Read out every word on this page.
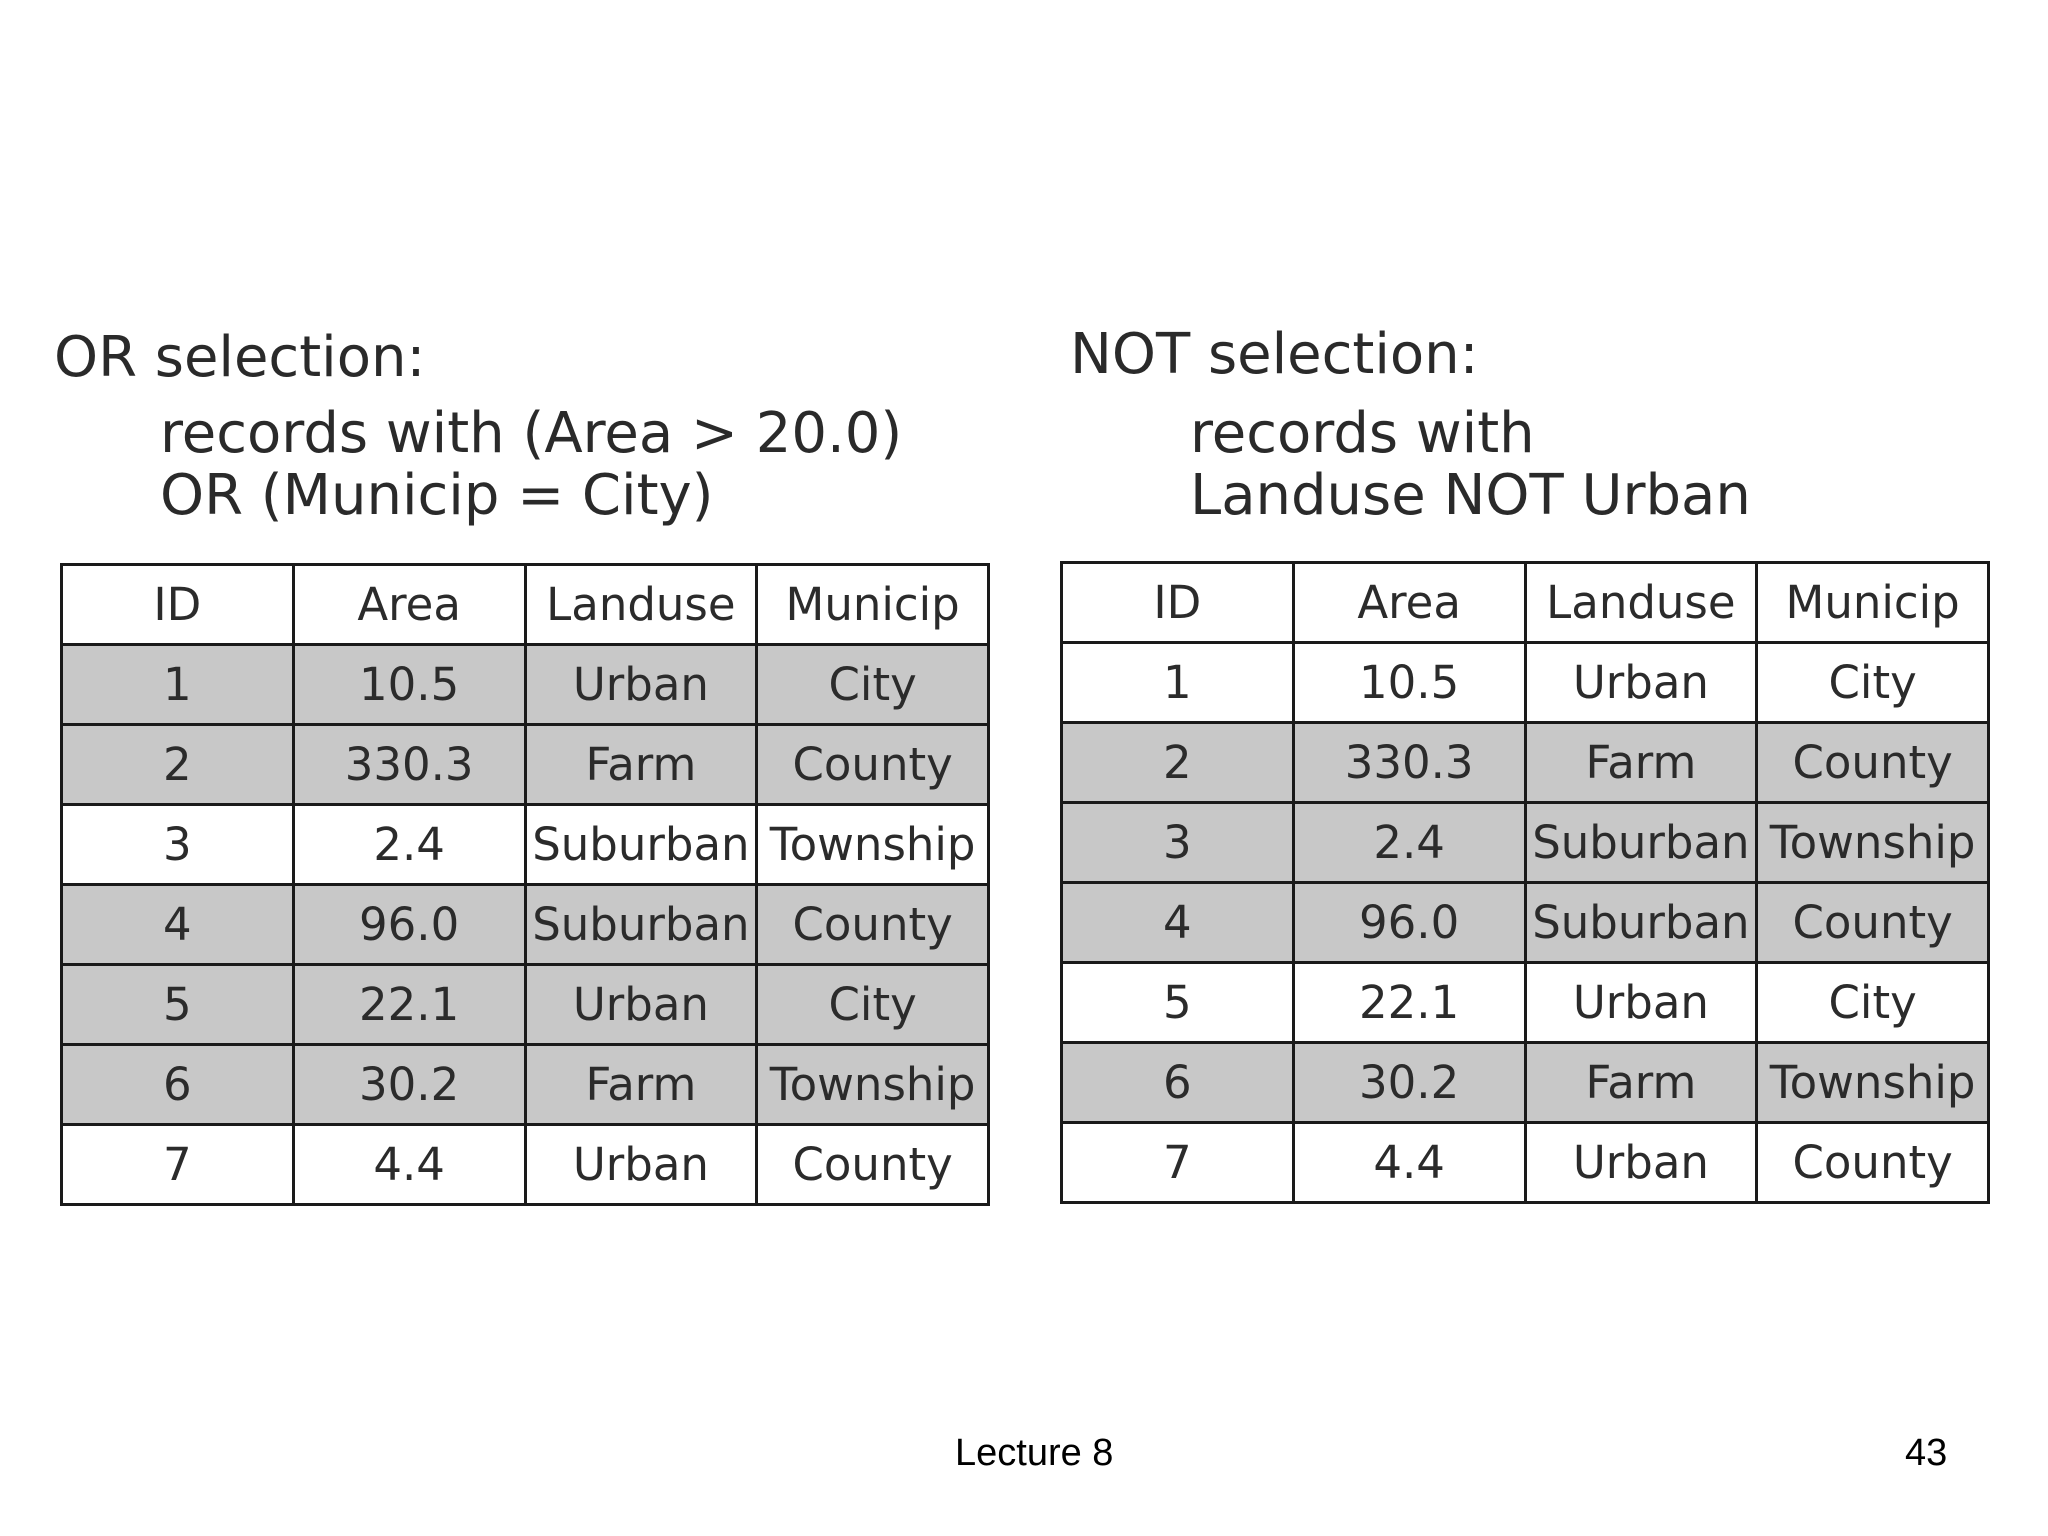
OR selection:
records with (Area > 20.0)
OR (Municip = City)
ID	Area	Landuse	Municip
1	10.5	Urban	City
2	330.3	Farm	County
3	2.4	Suburban	Township
4	96.0	Suburban	County
5	22.1	Urban	City
6	30.2	Farm	Township
7	4.4	Urban	County
NOT selection:
records with
Landuse NOT Urban
ID	Area	Landuse	Municip
1	10.5	Urban	City
2	330.3	Farm	County
3	2.4	Suburban	Township
4	96.0	Suburban	County
5	22.1	Urban	City
6	30.2	Farm	Township
7	4.4	Urban	County
Lecture 8	43
